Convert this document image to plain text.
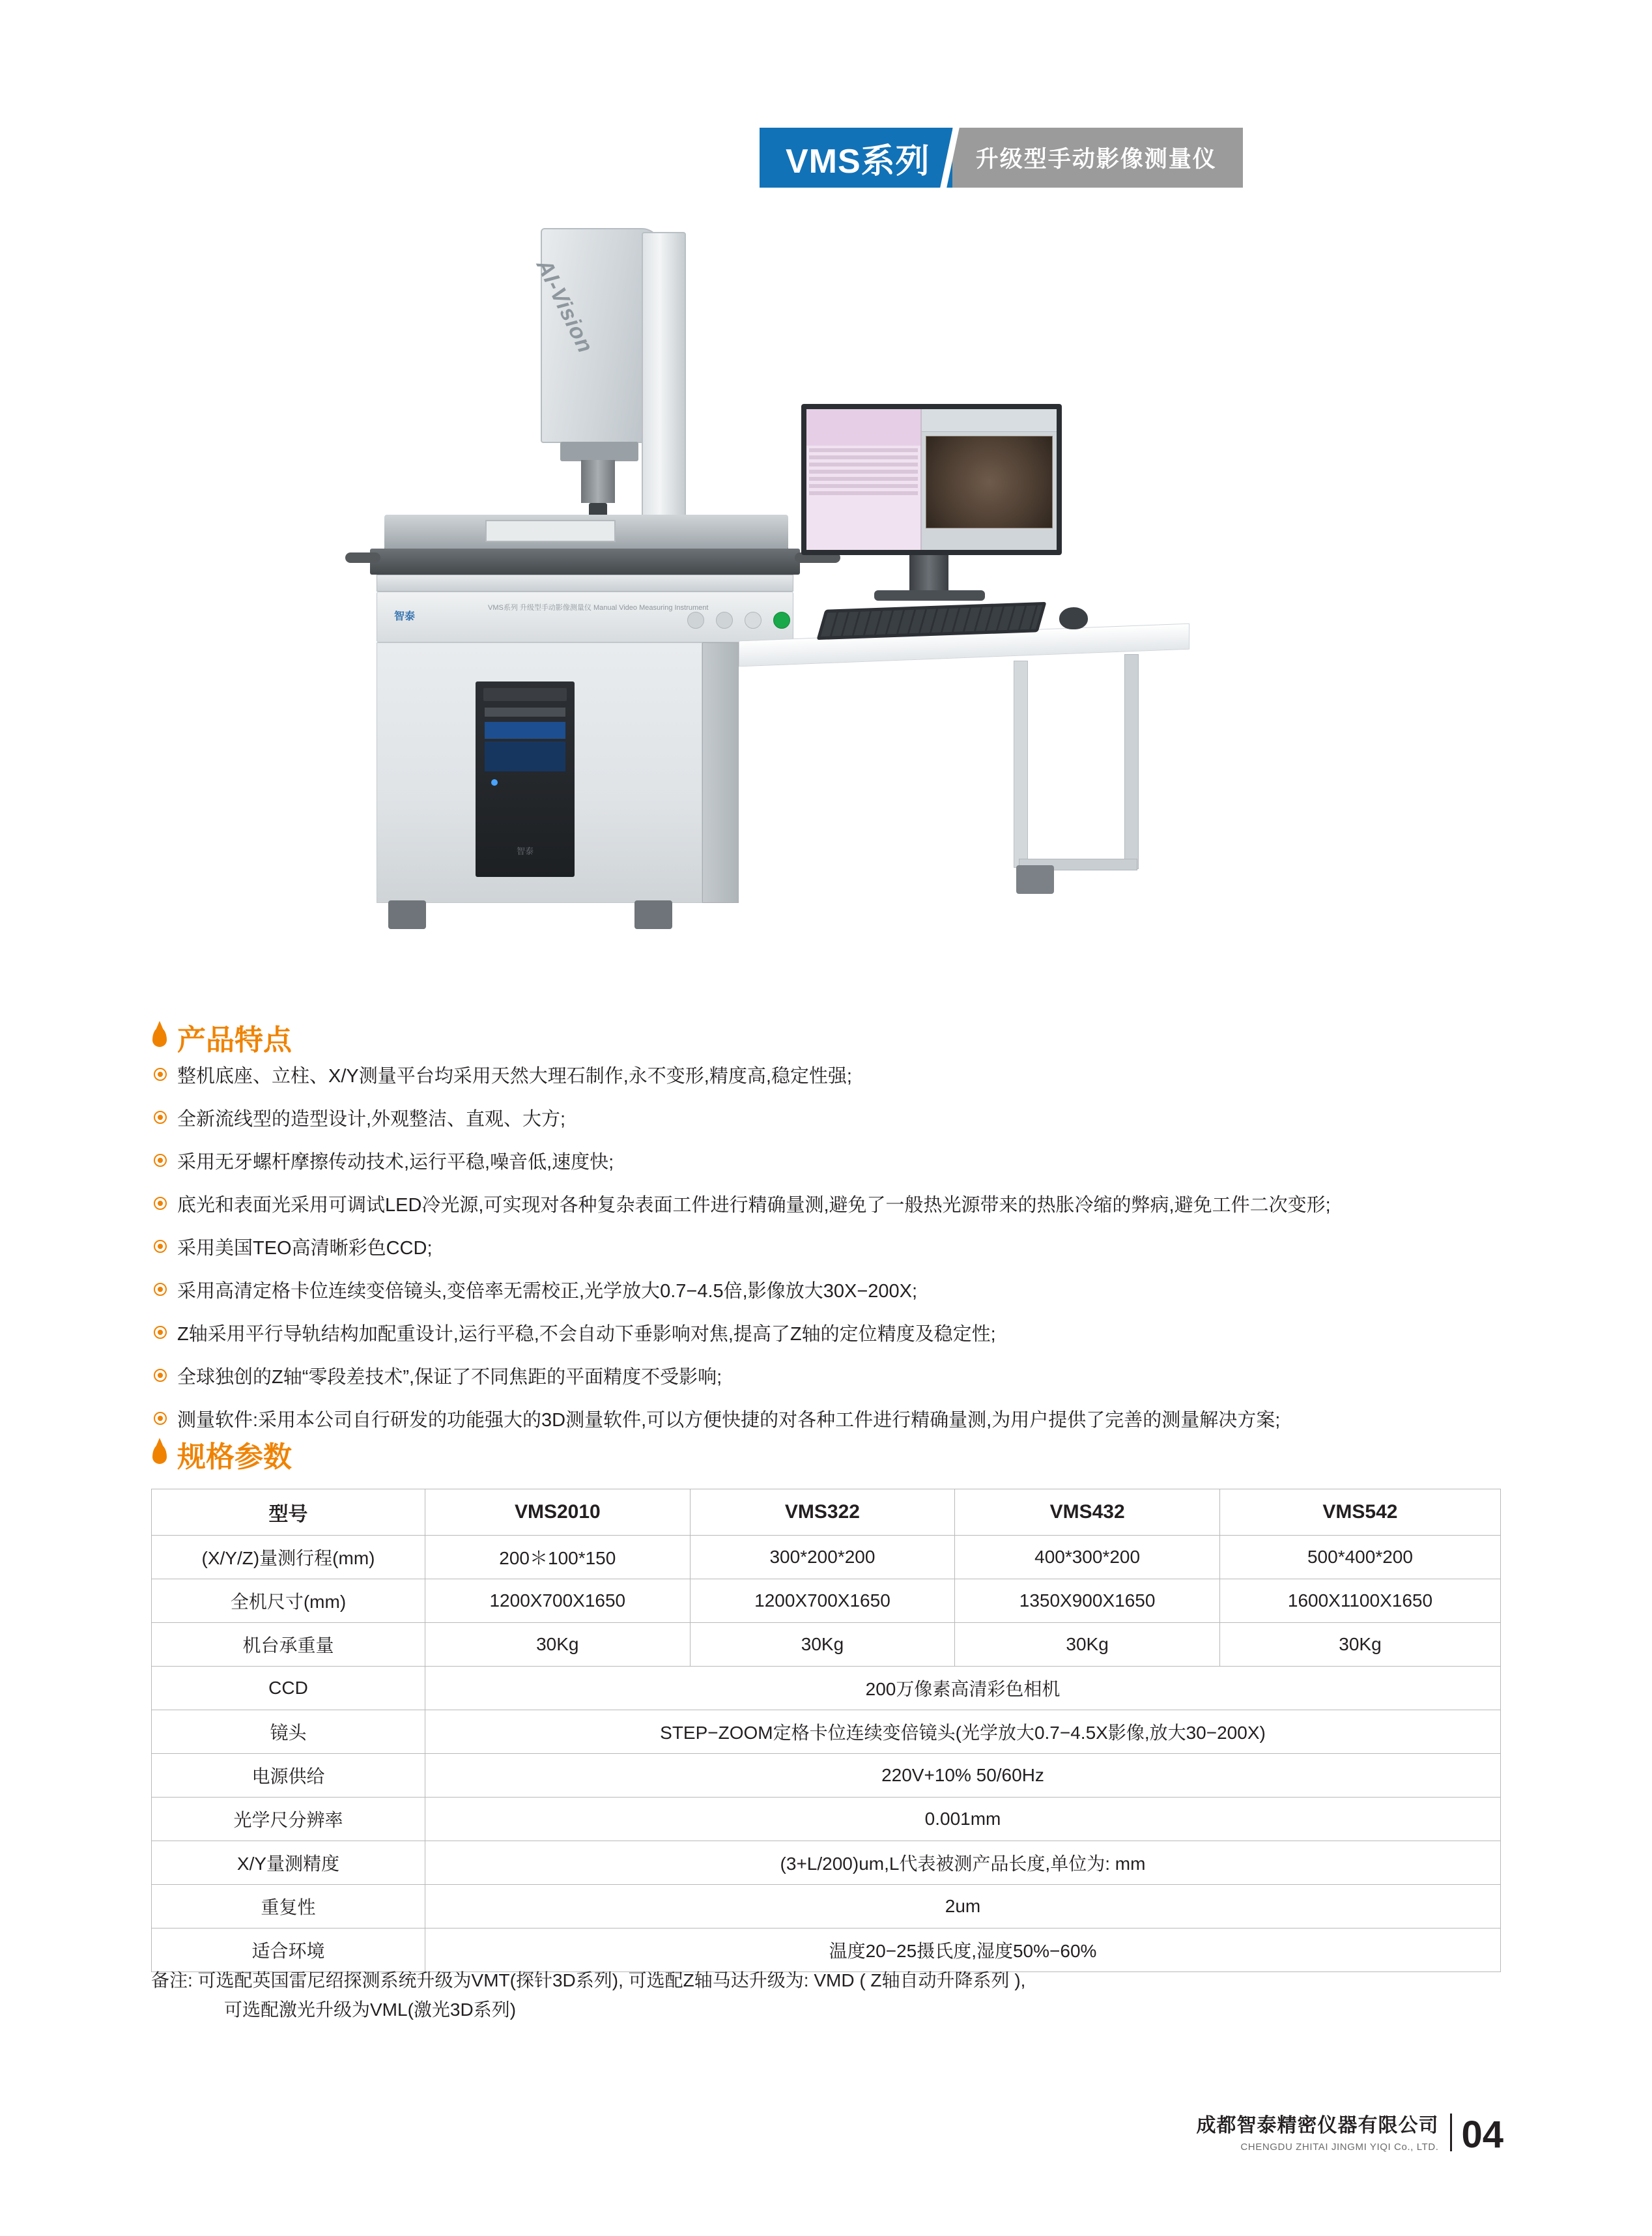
VMS系列	升级型手动影像测量仪
AI-Vision
智泰
VMS系列 升级型手动影像测量仪 Manual Video Measuring Instrument
智泰
产品特点
整机底座、立柱、X/Y测量平台均采用天然大理石制作,永不变形,精度高,稳定性强;
全新流线型的造型设计,外观整洁、直观、大方;
采用无牙螺杆摩擦传动技术,运行平稳,噪音低,速度快;
底光和表面光采用可调试LED冷光源,可实现对各种复杂表面工件进行精确量测,避免了一般热光源带来的热胀冷缩的弊病,避免工件二次变形;
采用美国TEO高清晰彩色CCD;
采用高清定格卡位连续变倍镜头,变倍率无需校正,光学放大0.7−4.5倍,影像放大30X−200X;
Z轴采用平行导轨结构加配重设计,运行平稳,不会自动下垂影响对焦,提高了Z轴的定位精度及稳定性;
全球独创的Z轴“零段差技术”,保证了不同焦距的平面精度不受影响;
测量软件:采用本公司自行研发的功能强大的3D测量软件,可以方便快捷的对各种工件进行精确量测,为用户提供了完善的测量解决方案;
规格参数
型号	VMS2010	VMS322	VMS432	VMS542
(X/Y/Z)量测行程(mm)	200＊100*150	300*200*200	400*300*200	500*400*200
全机尺寸(mm)	1200X700X1650	1200X700X1650	1350X900X1650	1600X1100X1650
机台承重量	30Kg	30Kg	30Kg	30Kg
CCD	200万像素高清彩色相机			
镜头	STEP−ZOOM定格卡位连续变倍镜头(光学放大0.7−4.5X影像,放大30−200X)			
电源供给	220V+10% 50/60Hz			
光学尺分辨率	0.001mm			
X/Y量测精度	(3+L/200)um,L代表被测产品长度,单位为: mm			
重复性	2um			
适合环境	温度20−25摄氏度,湿度50%−60%			
备注: 可选配英国雷尼绍探测系统升级为VMT(探针3D系列), 可选配Z轴马达升级为: VMD ( Z轴自动升降系列 ),
可选配激光升级为VML(激光3D系列)
成都智泰精密仪器有限公司
CHENGDU ZHITAI JINGMI YIQI Co., LTD. 04
